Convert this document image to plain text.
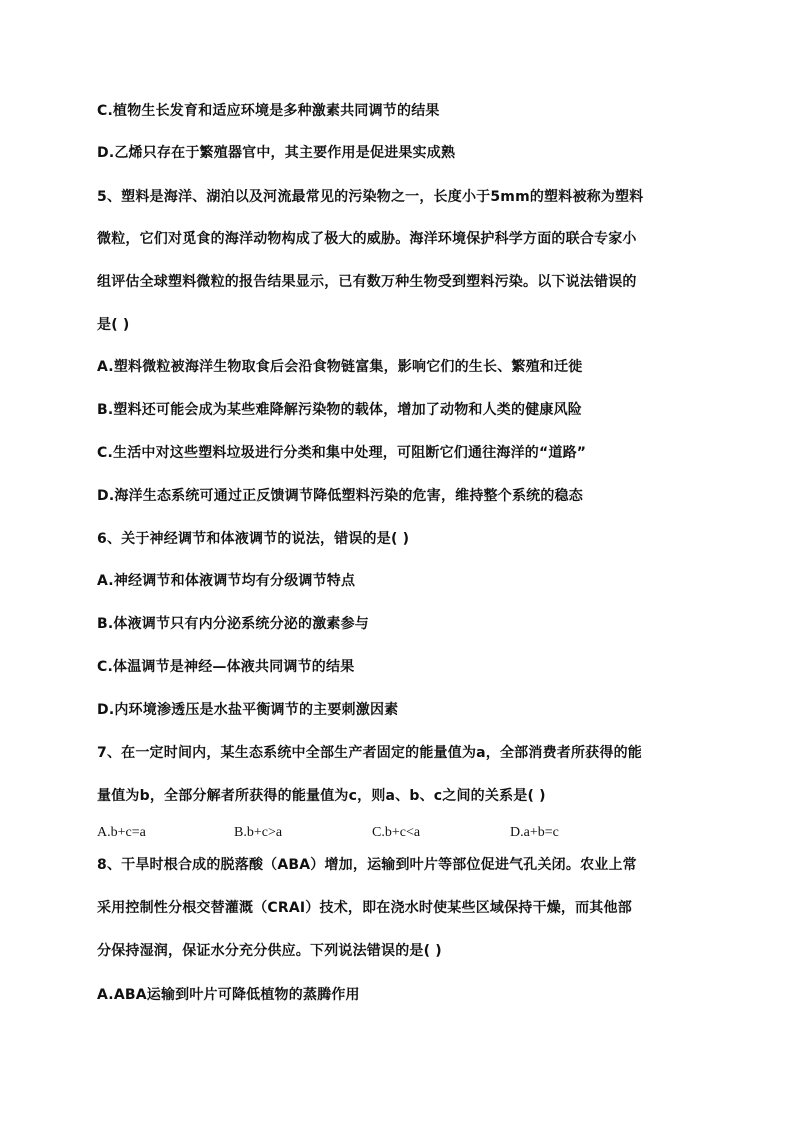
C.植物生长发育和适应环境是多种激素共同调节的结果
D.乙烯只存在于繁殖器官中，其主要作用是促进果实成熟
5、塑料是海洋、湖泊以及河流最常见的污染物之一，长度小于5mm的塑料被称为塑料
微粒，它们对觅食的海洋动物构成了极大的威胁。海洋环境保护科学方面的联合专家小
组评估全球塑料微粒的报告结果显示，已有数万种生物受到塑料污染。以下说法错误的
是( )
A.塑料微粒被海洋生物取食后会沿食物链富集，影响它们的生长、繁殖和迁徙
B.塑料还可能会成为某些难降解污染物的载体，增加了动物和人类的健康风险
C.生活中对这些塑料垃圾进行分类和集中处理，可阻断它们通往海洋的“道路”
D.海洋生态系统可通过正反馈调节降低塑料污染的危害，维持整个系统的稳态
6、关于神经调节和体液调节的说法，错误的是( )
A.神经调节和体液调节均有分级调节特点
B.体液调节只有内分泌系统分泌的激素参与
C.体温调节是神经—体液共同调节的结果
D.内环境渗透压是水盐平衡调节的主要刺激因素
7、在一定时间内，某生态系统中全部生产者固定的能量值为a，全部消费者所获得的能
量值为b，全部分解者所获得的能量值为c，则a、b、c之间的关系是( )
A.b+c=a	B.b+c>a	C.b+c<a	D.a+b=c
8、干旱时根合成的脱落酸（ABA）增加，运输到叶片等部位促进气孔关闭。农业上常
采用控制性分根交替灌溉（CRAI）技术，即在浇水时使某些区域保持干燥，而其他部
分保持湿润，保证水分充分供应。下列说法错误的是( )
A.ABA运输到叶片可降低植物的蒸腾作用
